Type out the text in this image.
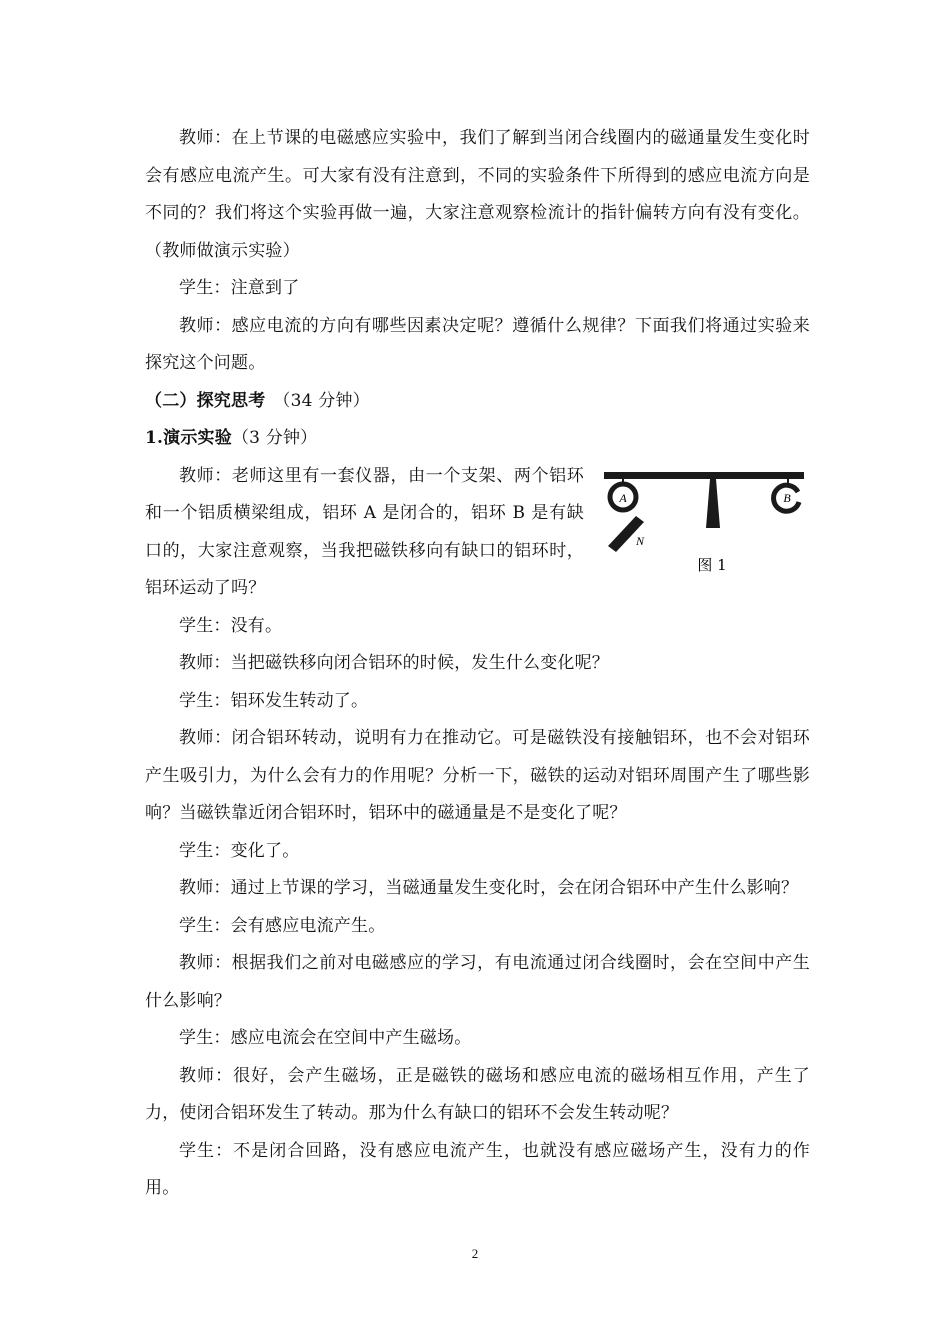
教师：在上节课的电磁感应实验中，我们了解到当闭合线圈内的磁通量发生变化时会有感应电流产生。可大家有没有注意到，不同的实验条件下所得到的感应电流方向是不同的？我们将这个实验再做一遍，大家注意观察检流计的指针偏转方向有没有变化。（教师做演示实验）

学生：注意到了

教师：感应电流的方向有哪些因素决定呢？遵循什么规律？下面我们将通过实验来探究这个问题。

（二）探究思考 （34 分钟）

1.演示实验（3 分钟）

A	B
N
图 1

教师：老师这里有一套仪器，由一个支架、两个铝环和一个铝质横梁组成，铝环 A 是闭合的，铝环 B 是有缺口的，大家注意观察，当我把磁铁移向有缺口的铝环时，铝环运动了吗？

学生：没有。

教师：当把磁铁移向闭合铝环的时候，发生什么变化呢？

学生：铝环发生转动了。

教师：闭合铝环转动，说明有力在推动它。可是磁铁没有接触铝环，也不会对铝环产生吸引力，为什么会有力的作用呢？分析一下，磁铁的运动对铝环周围产生了哪些影响？当磁铁靠近闭合铝环时，铝环中的磁通量是不是变化了呢？

学生：变化了。

教师：通过上节课的学习，当磁通量发生变化时，会在闭合铝环中产生什么影响？

学生：会有感应电流产生。

教师：根据我们之前对电磁感应的学习，有电流通过闭合线圈时，会在空间中产生什么影响？

学生：感应电流会在空间中产生磁场。

教师：很好，会产生磁场，正是磁铁的磁场和感应电流的磁场相互作用，产生了力，使闭合铝环发生了转动。那为什么有缺口的铝环不会发生转动呢？

学生：不是闭合回路，没有感应电流产生，也就没有感应磁场产生，没有力的作用。

2
